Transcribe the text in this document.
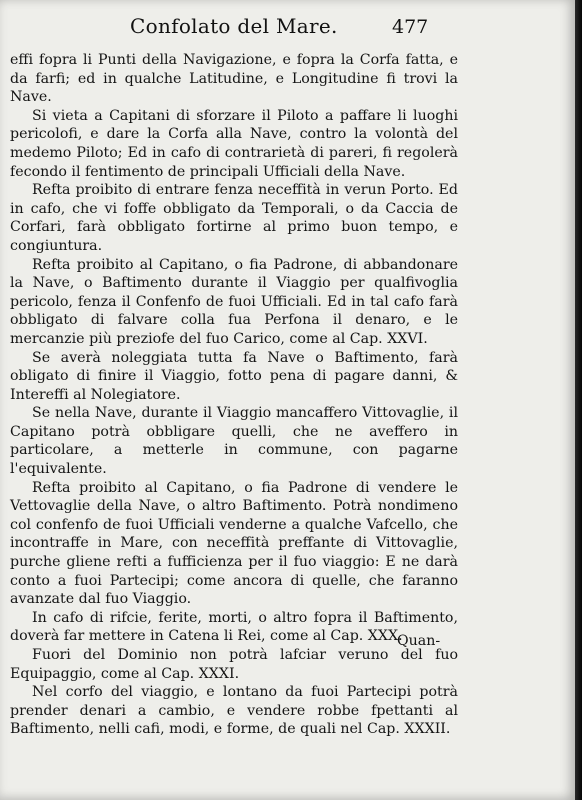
Confolato del Mare.	477

effi fopra li Punti della Navigazione, e fopra la Corfa fatta, e da farfi; ed in qualche Latitudine, e Longitudine fi trovi la Nave.

Si vieta a Capitani di sforzare il Piloto a paffare li luoghi pericolofi, e dare la Corfa alla Nave, contro la volontà del medemo Piloto; Ed in cafo di contrarietà di pareri, fi regolerà fecondo il fentimento de principali Ufficiali della Nave.

Refta proibito di entrare fenza neceffità in verun Porto. Ed in cafo, che vi foffe obbligato da Temporali, o da Caccia de Corfari, farà obbligato fortirne al primo buon tempo, e congiuntura.

Refta proibito al Capitano, o fia Padrone, di abbandonare la Nave, o Baftimento durante il Viaggio per qualfivoglia pericolo, fenza il Confenfo de fuoi Ufficiali. Ed in tal cafo farà obbligato di falvare colla fua Perfona il denaro, e le mercanzie più preziofe del fuo Carico, come al Cap. XXVI.

Se averà noleggiata tutta fa Nave o Baftimento, farà obligato di finire il Viaggio, fotto pena di pagare danni, & Intereffi al Nolegiatore.

Se nella Nave, durante il Viaggio mancaffero Vittovaglie, il Capitano potrà obbligare quelli, che ne aveffero in particolare, a metterle in commune, con pagarne l'equivalente.

Refta proibito al Capitano, o fia Padrone di vendere le Vettovaglie della Nave, o altro Baftimento. Potrà nondimeno col confenfo de fuoi Ufficiali venderne a qualche Vafcello, che incontraffe in Mare, con neceffità preffante di Vittovaglie, purche gliene refti a fufficienza per il fuo viaggio: E ne darà conto a fuoi Partecipi; come ancora di quelle, che faranno avanzate dal fuo Viaggio.

In cafo di rifcie, ferite, morti, o altro fopra il Baftimento, doverà far mettere in Catena li Rei, come al Cap. XXX.

Fuori del Dominio non potrà lafciar veruno del fuo Equipaggio, come al Cap. XXXI.

Nel corfo del viaggio, e lontano da fuoi Partecipi potrà prender denari a cambio, e vendere robbe fpettanti al Baftimento, nelli cafi, modi, e forme, de quali nel Cap. XXXII.

Quan-
